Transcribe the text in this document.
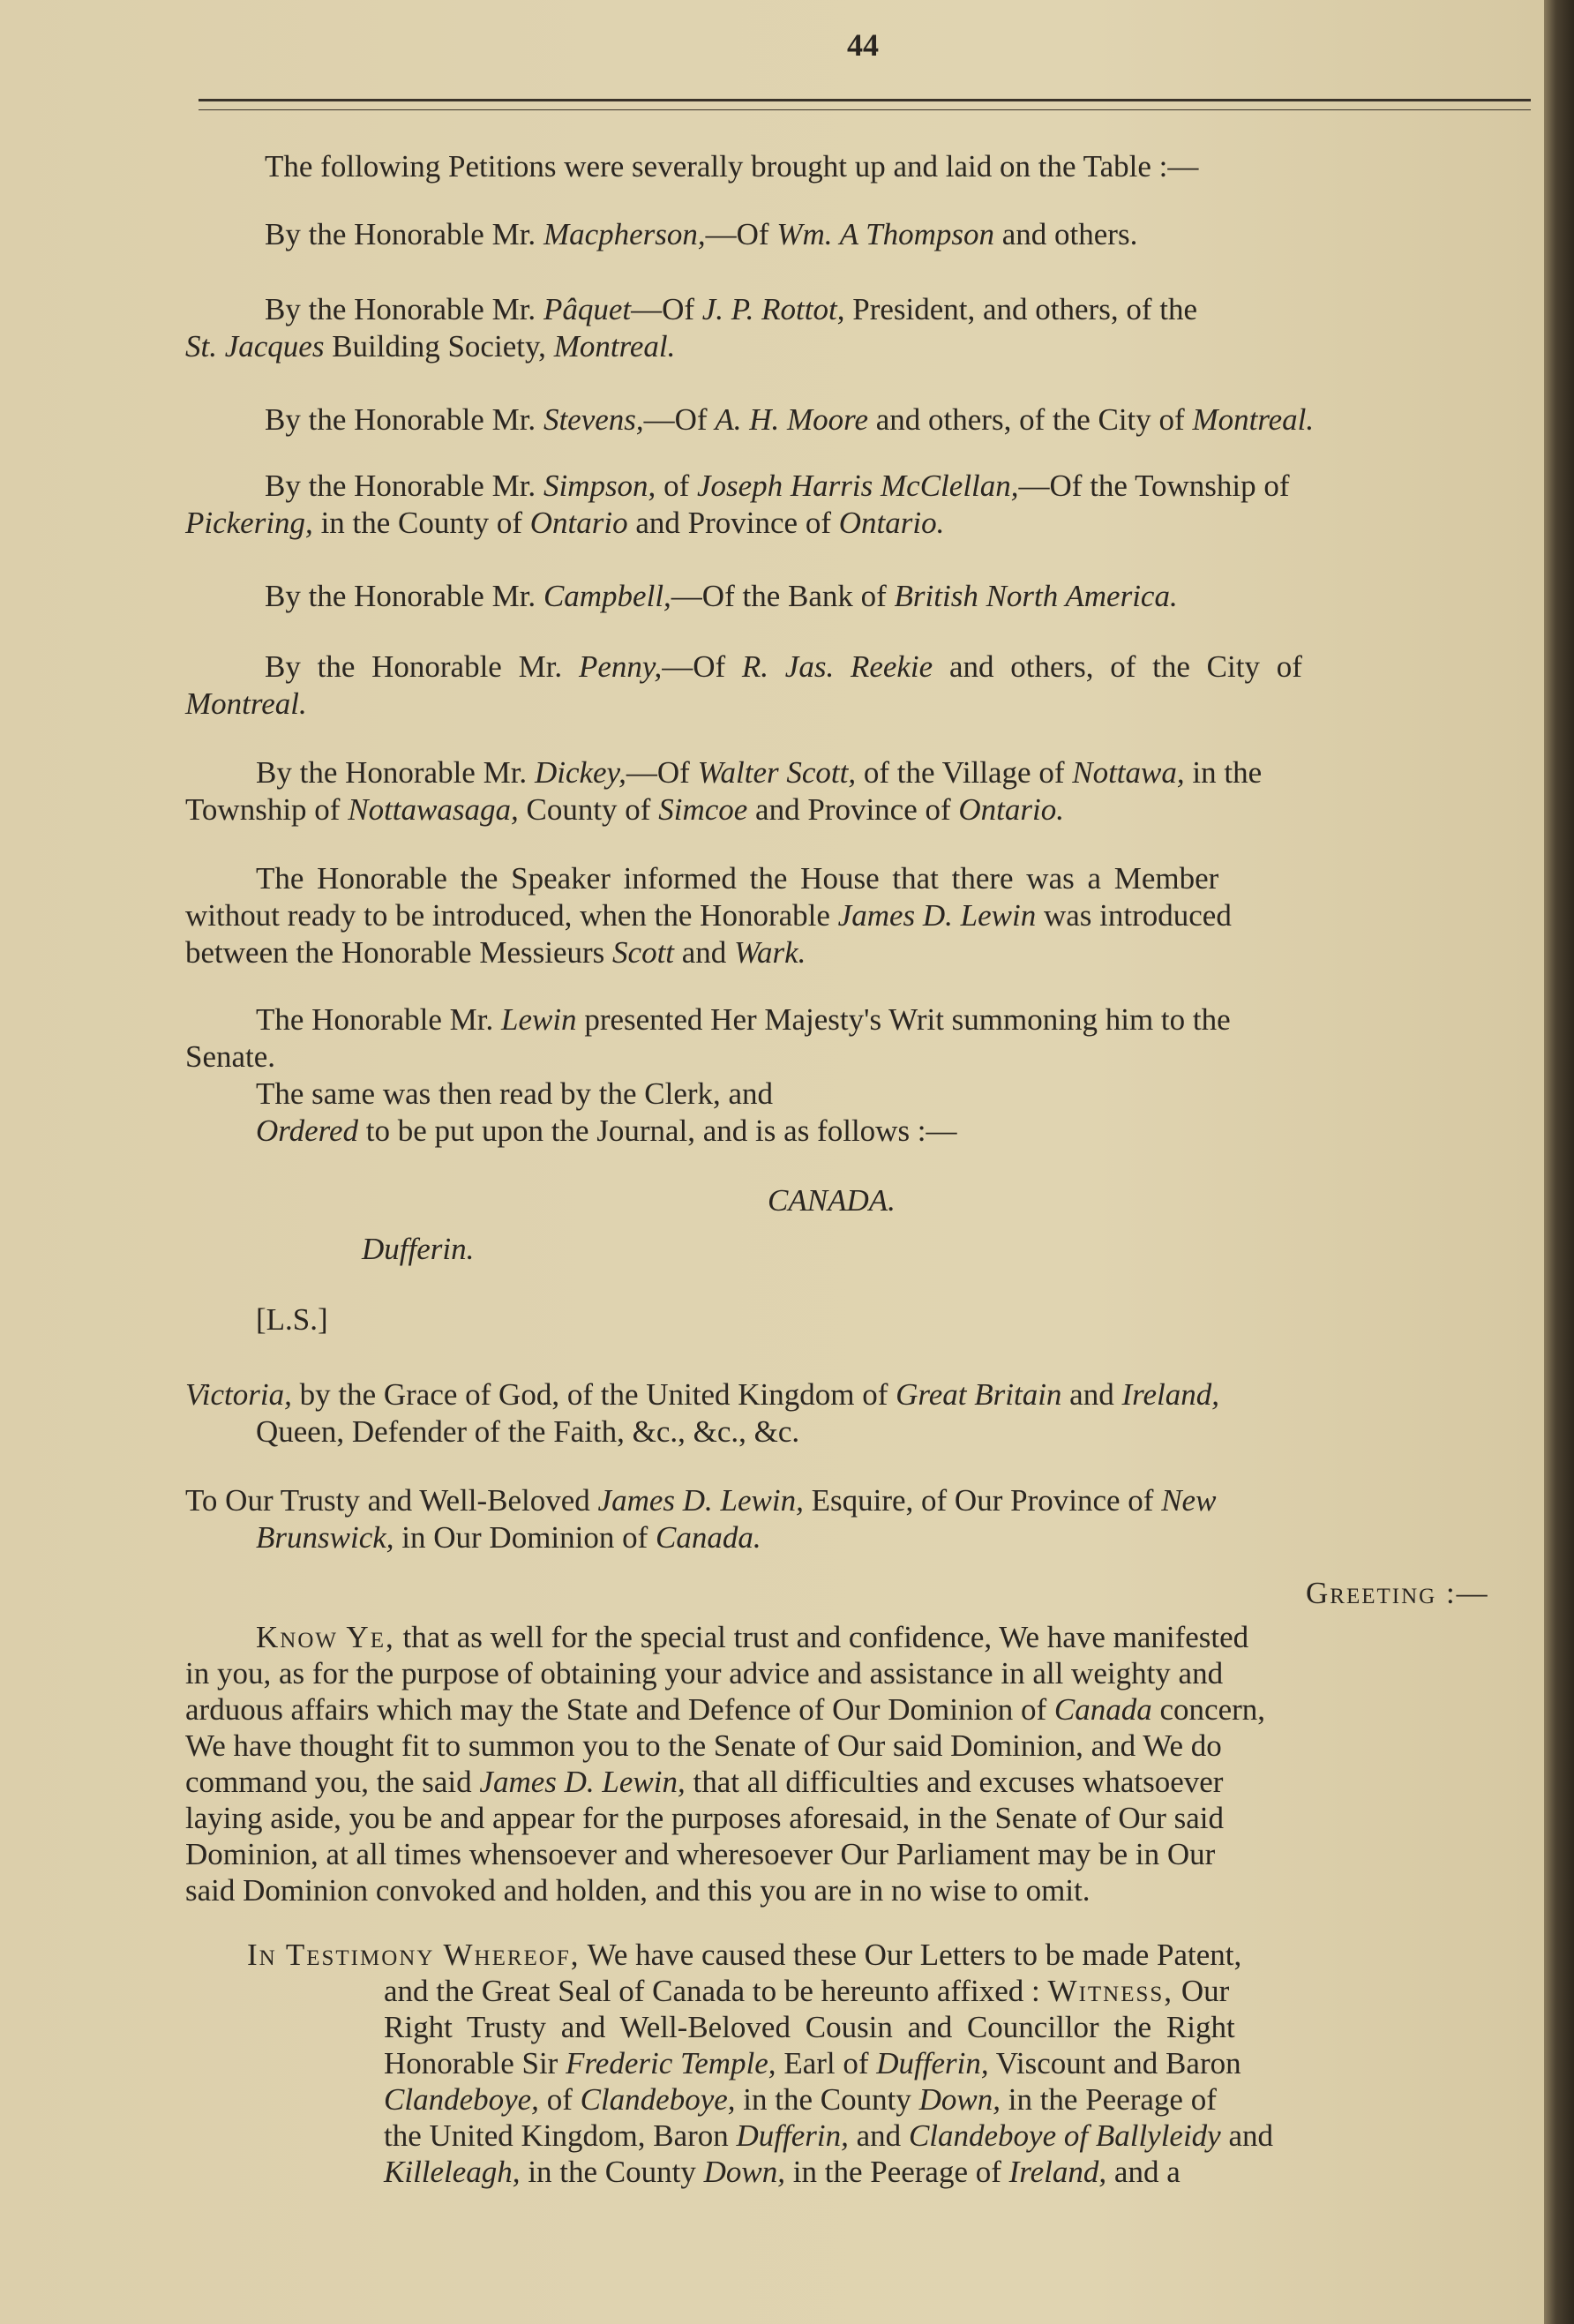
44

The following Petitions were severally brought up and laid on the Table :—

By the Honorable Mr. Macpherson,—Of Wm. A Thompson and others.

By the Honorable Mr. Pâquet—Of J. P. Rottot, President, and others, of the

St. Jacques Building Society, Montreal.

By the Honorable Mr. Stevens,—Of A. H. Moore and others, of the City of Montreal.

By the Honorable Mr. Simpson, of Joseph Harris McClellan,—Of the Township of

Pickering, in the County of Ontario and Province of Ontario.

By the Honorable Mr. Campbell,—Of the Bank of British North America.

By the Honorable Mr. Penny,—Of R. Jas. Reekie and others, of the City of

Montreal.

By the Honorable Mr. Dickey,—Of Walter Scott, of the Village of Nottawa, in the

Township of Nottawasaga, County of Simcoe and Province of Ontario.

The Honorable the Speaker informed the House that there was a Member

without ready to be introduced, when the Honorable James D. Lewin was introduced

between the Honorable Messieurs Scott and Wark.

The Honorable Mr. Lewin presented Her Majesty's Writ summoning him to the

Senate.

The same was then read by the Clerk, and

Ordered to be put upon the Journal, and is as follows :—

CANADA.

Dufferin.

[L.S.]

Victoria, by the Grace of God, of the United Kingdom of Great Britain and Ireland,

Queen, Defender of the Faith, &c., &c., &c.

To Our Trusty and Well-Beloved James D. Lewin, Esquire, of Our Province of New

Brunswick, in Our Dominion of Canada.

Greeting :—

Know Ye, that as well for the special trust and confidence, We have manifested

in you, as for the purpose of obtaining your advice and assistance in all weighty and

arduous affairs which may the State and Defence of Our Dominion of Canada concern,

We have thought fit to summon you to the Senate of Our said Dominion, and We do

command you, the said James D. Lewin, that all difficulties and excuses whatsoever

laying aside, you be and appear for the purposes aforesaid, in the Senate of Our said

Dominion, at all times whensoever and wheresoever Our Parliament may be in Our

said Dominion convoked and holden, and this you are in no wise to omit.

In Testimony Whereof, We have caused these Our Letters to be made Patent,

and the Great Seal of Canada to be hereunto affixed : Witness, Our

Right Trusty and Well-Beloved Cousin and Councillor the Right

Honorable Sir Frederic Temple, Earl of Dufferin, Viscount and Baron

Clandeboye, of Clandeboye, in the County Down, in the Peerage of

the United Kingdom, Baron Dufferin, and Clandeboye of Ballyleidy and

Killeleagh, in the County Down, in the Peerage of Ireland, and a
